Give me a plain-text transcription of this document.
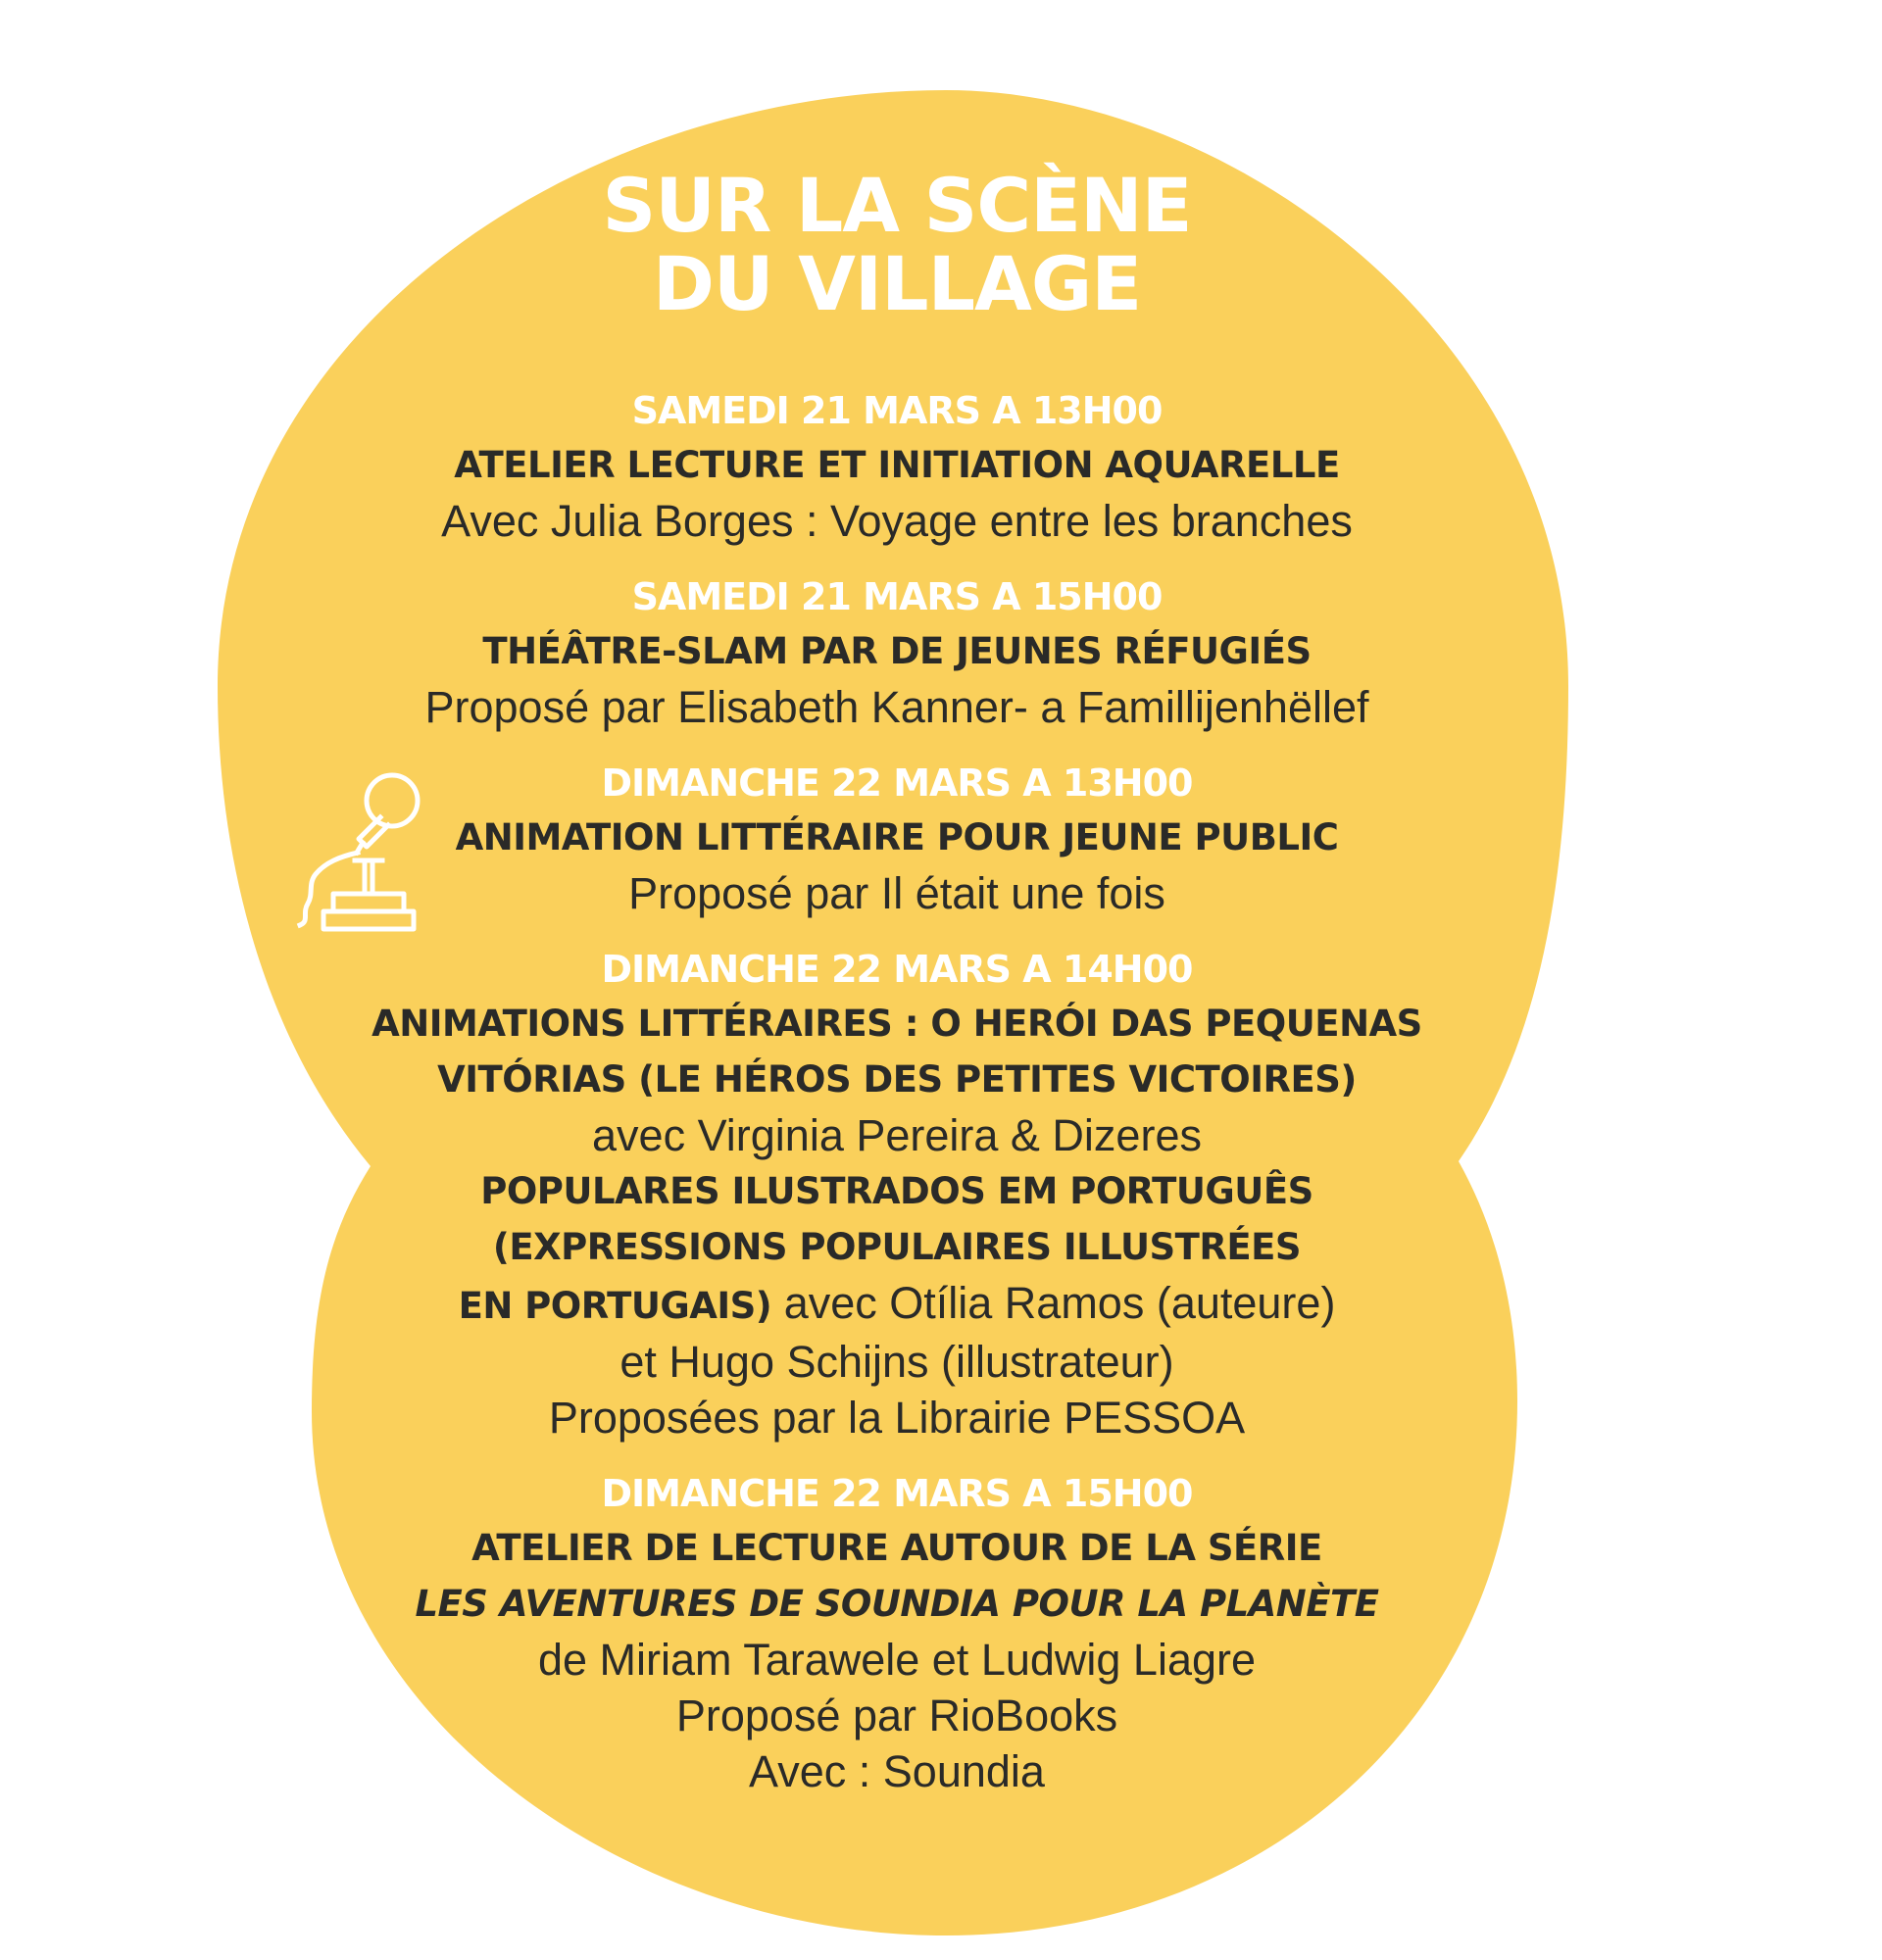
SUR LA SCÈNE
DU VILLAGE
SAMEDI 21 MARS A 13H00
ATELIER LECTURE ET INITIATION AQUARELLE
Avec Julia Borges : Voyage entre les branches
SAMEDI 21 MARS A 15H00
THÉÂTRE-SLAM PAR DE JEUNES RÉFUGIÉS
Proposé par Elisabeth Kanner- a Famillijenhëllef
DIMANCHE 22 MARS A 13H00
ANIMATION LITTÉRAIRE POUR JEUNE PUBLIC
Proposé par Il était une fois
DIMANCHE 22 MARS A 14H00
ANIMATIONS LITTÉRAIRES : O HERÓI DAS PEQUENAS
VITÓRIAS (LE HÉROS DES PETITES VICTOIRES)
avec Virginia Pereira & Dizeres
POPULARES ILUSTRADOS EM PORTUGUÊS
(EXPRESSIONS POPULAIRES ILLUSTRÉES
EN PORTUGAIS) avec Otília Ramos (auteure)
et Hugo Schijns (illustrateur)
Proposées par la Librairie PESSOA
DIMANCHE 22 MARS A 15H00
ATELIER DE LECTURE AUTOUR DE LA SÉRIE
LES AVENTURES DE SOUNDIA POUR LA PLANÈTE
de Miriam Tarawele et Ludwig Liagre
Proposé par RioBooks
Avec : Soundia
